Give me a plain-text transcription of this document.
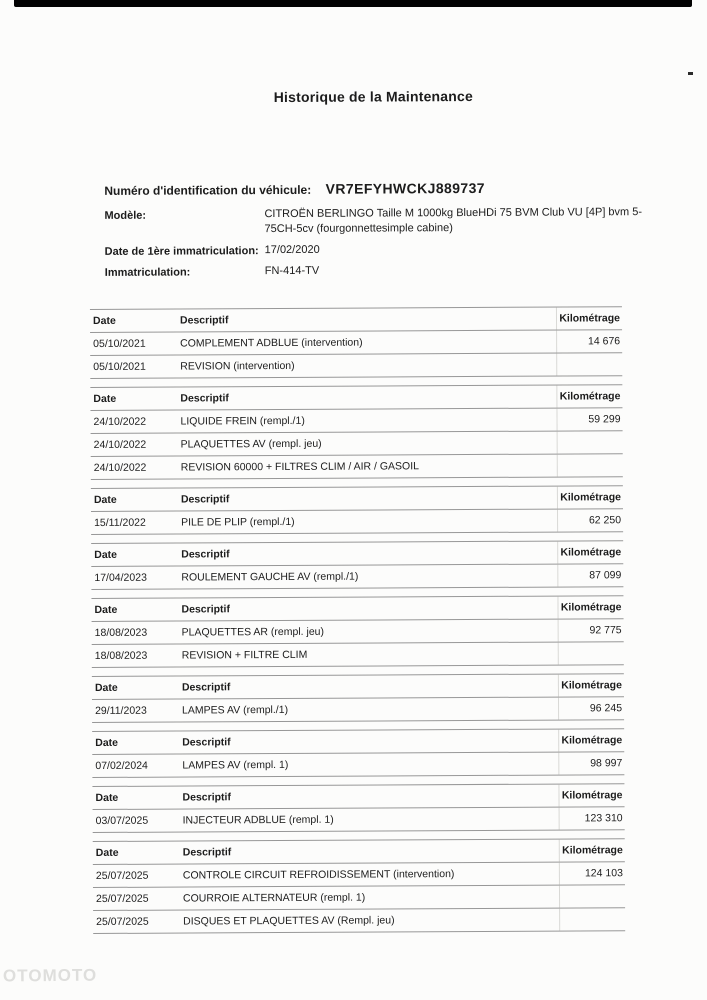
Historique de la Maintenance
Numéro d'identification du véhicule: VR7EFYHWCKJ889737
Modèle:	CITROËN BERLINGO Taille M 1000kg BlueHDi 75 BVM Club VU [4P] bvm 5-75CH-5cv (fourgonnettesimple cabine)
Date de 1ère immatriculation: 17/02/2020
Immatriculation:	FN-414-TV
Date	Descriptif	Kilométrage
05/10/2021	COMPLEMENT ADBLUE (intervention)	14 676
05/10/2021	REVISION (intervention)
Date	Descriptif	Kilométrage
24/10/2022	LIQUIDE FREIN (rempl./1)	59 299
24/10/2022	PLAQUETTES AV (rempl. jeu)
24/10/2022	REVISION 60000 + FILTRES CLIM / AIR / GASOIL
Date	Descriptif	Kilométrage
15/11/2022	PILE DE PLIP (rempl./1)	62 250
Date	Descriptif	Kilométrage
17/04/2023	ROULEMENT GAUCHE AV (rempl./1)	87 099
Date	Descriptif	Kilométrage
18/08/2023	PLAQUETTES AR (rempl. jeu)	92 775
18/08/2023	REVISION + FILTRE CLIM
Date	Descriptif	Kilométrage
29/11/2023	LAMPES AV (rempl./1)	96 245
Date	Descriptif	Kilométrage
07/02/2024	LAMPES AV (rempl. 1)	98 997
Date	Descriptif	Kilométrage
03/07/2025	INJECTEUR ADBLUE (rempl. 1)	123 310
Date	Descriptif	Kilométrage
25/07/2025	CONTROLE CIRCUIT REFROIDISSEMENT (intervention)	124 103
25/07/2025	COURROIE ALTERNATEUR (rempl. 1)
25/07/2025	DISQUES ET PLAQUETTES AV (Rempl. jeu)
OTOMOTO
